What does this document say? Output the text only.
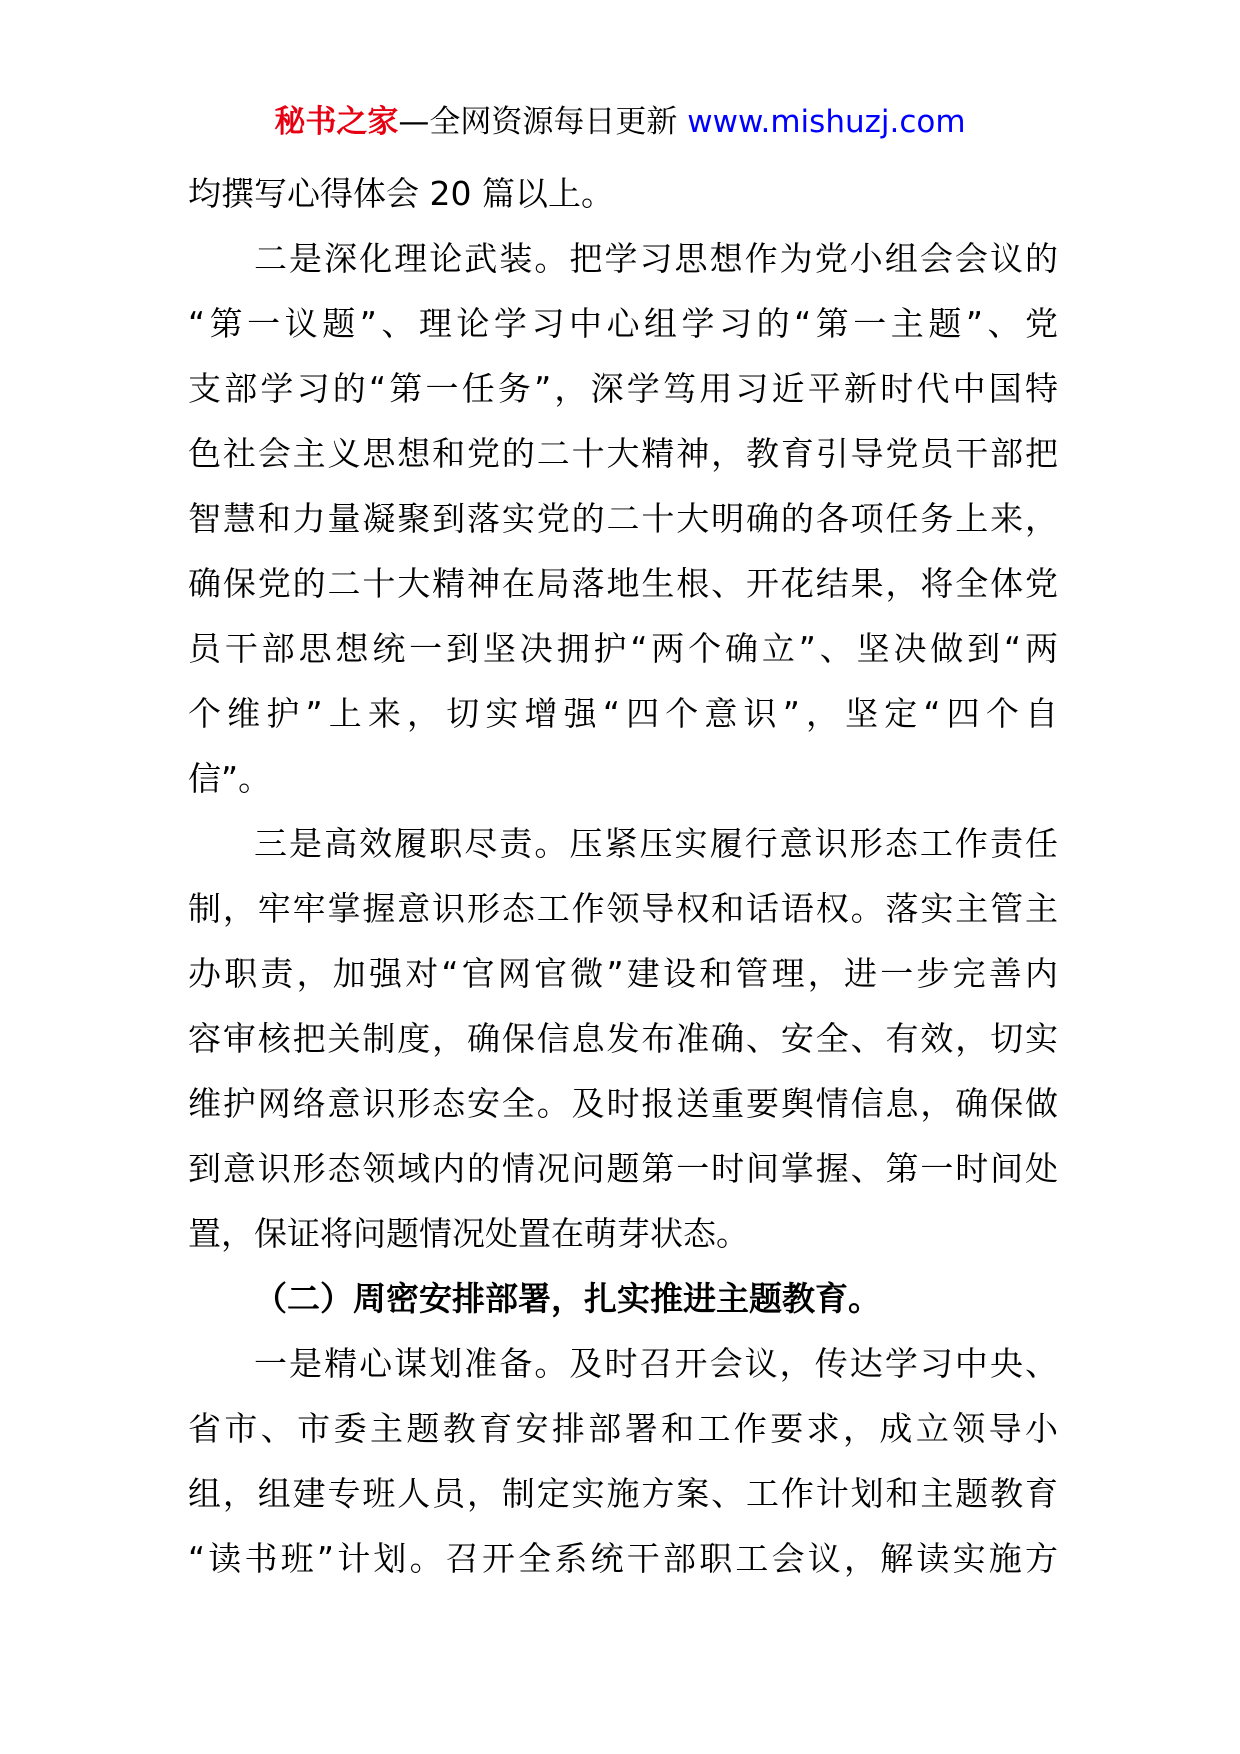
秘书之家—全网资源每日更新 www.mishuzj.com
均撰写心得体会 20 篇以上。
二是深化理论武装。把学习思想作为党小组会会议的
“第一议题”、理论学习中心组学习的“第一主题”、党
支部学习的“第一任务”，深学笃用习近平新时代中国特
色社会主义思想和党的二十大精神，教育引导党员干部把
智慧和力量凝聚到落实党的二十大明确的各项任务上来，
确保党的二十大精神在局落地生根、开花结果，将全体党
员干部思想统一到坚决拥护“两个确立”、坚决做到“两
个维护”上来，切实增强“四个意识”，坚定“四个自
信”。
三是高效履职尽责。压紧压实履行意识形态工作责任
制，牢牢掌握意识形态工作领导权和话语权。落实主管主
办职责，加强对“官网官微”建设和管理，进一步完善内
容审核把关制度，确保信息发布准确、安全、有效，切实
维护网络意识形态安全。及时报送重要舆情信息，确保做
到意识形态领域内的情况问题第一时间掌握、第一时间处
置，保证将问题情况处置在萌芽状态。
（二）周密安排部署，扎实推进主题教育。
一是精心谋划准备。及时召开会议，传达学习中央、
省市、市委主题教育安排部署和工作要求，成立领导小
组，组建专班人员，制定实施方案、工作计划和主题教育
“读书班”计划。召开全系统干部职工会议，解读实施方
